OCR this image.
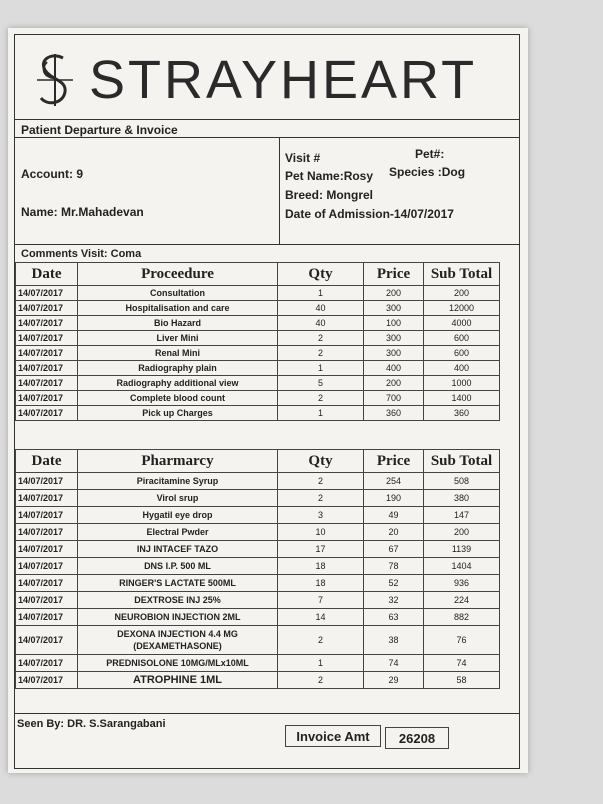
STRAYHEART
Patient Departure & Invoice
Account: 9
Name: Mr.Mahadevan
Visit #	Pet#:
Pet Name:Rosy Species :Dog
Breed: Mongrel
Date of Admission-14/07/2017
Comments Visit: Coma
Date	Proceedure	Qty	Price	Sub Total
14/07/2017	Consultation	1	200	200
14/07/2017	Hospitalisation and care	40	300	12000
14/07/2017	Bio Hazard	40	100	4000
14/07/2017	Liver Mini	2	300	600
14/07/2017	Renal Mini	2	300	600
14/07/2017	Radiography plain	1	400	400
14/07/2017	Radiography additional view	5	200	1000
14/07/2017	Complete blood count	2	700	1400
14/07/2017	Pick up Charges	1	360	360
Date	Pharmarcy	Qty	Price	Sub Total
14/07/2017	Piracitamine Syrup	2	254	508
14/07/2017	Virol srup	2	190	380
14/07/2017	Hygatil eye drop	3	49	147
14/07/2017	Electral Pwder	10	20	200
14/07/2017	INJ INTACEF TAZO	17	67	1139
14/07/2017	DNS I.P. 500 ML	18	78	1404
14/07/2017	RINGER'S LACTATE 500ML	18	52	936
14/07/2017	DEXTROSE INJ 25%	7	32	224
14/07/2017	NEUROBION INJECTION 2ML	14	63	882
14/07/2017	DEXONA INJECTION 4.4 MG (DEXAMETHASONE)	2	38	76
14/07/2017	PREDNISOLONE 10MG/MLx10ML	1	74	74
14/07/2017	ATROPHINE 1ML	2	29	58
Seen By: DR. S.Sarangabani
Invoice Amt	26208
